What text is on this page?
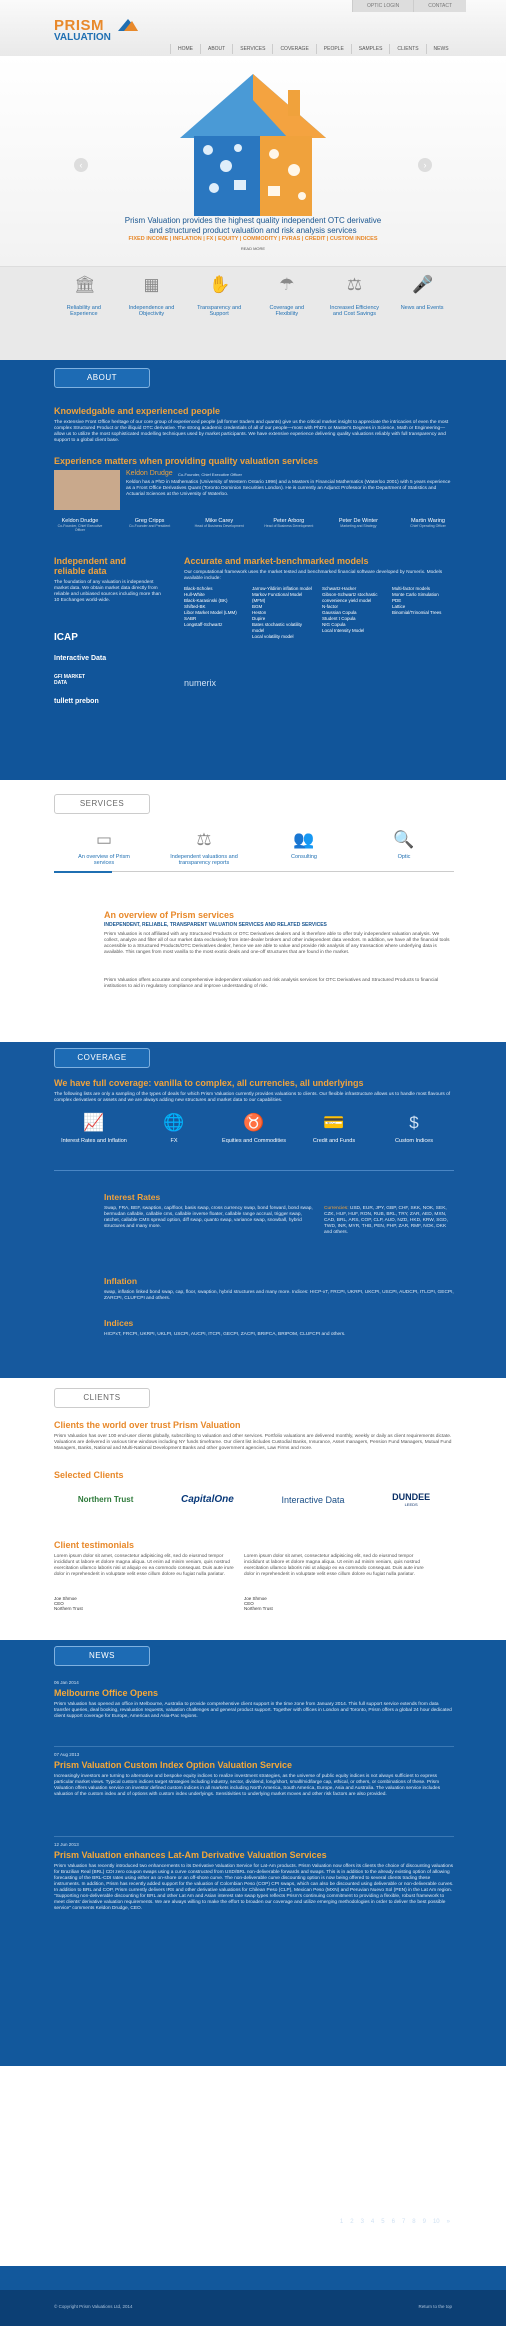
PRISM
VALUATION
OPTIC LOGIN	CONTACT
HOME	ABOUT	SERVICES	COVERAGE	PEOPLE	SAMPLES	CLIENTS	NEWS
‹	›
Prism Valuation provides the highest quality independent OTC derivative
and structured product valuation and risk analysis services
FIXED INCOME | INFLATION | FX | EQUITY | COMMODITY | FVRAS | CREDIT | CUSTOM INDICES
READ MORE
🏛
Reliability and Experience
▦
Independence and Objectivity
✋
Transparency and Support
☂
Coverage and Flexibility
⚖
Increased Efficiency and Cost Savings
🎤
News and Events
ABOUT
Knowledgable and experienced people
The extensive Front Office heritage of our core group of experienced people (all former traders and quants) give us the critical market insight to appreciate the intricacies of even the most complex Structured Product or the illiquid OTC derivative. The strong academic credentials of all of our people—most with PhD's or Master's Degrees in Science, Math or Engineering—allow us to utilize the most sophisticated modelling techniques used by market participants. We have extensive experience delivering quality valuations reliably with full transparency and support to a global client base.
Experience matters when providing quality valuation services
Keldon Drudge Co-Founder, Chief Executive Officer
Keldon has a PhD in Mathematics (University of Western Ontario 1996) and a Masters in Financial Mathematics (Waterloo 2001) with 5 years experience as a Front Office Derivatives Quant (Toronto Dominion Securities London). He is currently an Adjunct Professor in the Department of Statistics and Actuarial Sciences at the University of Waterloo.
Keldon Drudge
Co-Founder, Chief Executive Officer
Greg Cripps
Co-Founder and President
Mike Carey
Head of Business Development
Peter Arborg
Head of Business Development
Peter De Winter
Marketing and Strategy
Martin Waring
Chief Operating Officer
Independent and reliable data
The foundation of any valuation is independent market data. We obtain market data directly from reliable and unbiased sources including more than 10 Exchanges world-wide.
ICAP
Interactive Data
GFI MARKET DATA
tullett prebon
Accurate and market-benchmarked models
Our computational framework uses the market tested and benchmarked financial software developed by Numerix. Models available include:
Black-Scholes
Hull-White
Black-Karasinski (BK)
Shifted-BK
Libor Market Model (LMM)
SABR
Longstaff-Schwartz
Jarrow-Yildirim inflation model
Markov Functional Model (MFM)
BGM
Heston
Dupire
Bates stochastic volatility model
Local volatility model
Schwartz-Hacker
Gibson-Schwartz stochastic convenience yield model
N-factor
Gaussian Copula
Student t Copula
NIG Copula
Local Intensity Model
Multi-factor models
Monte Carlo Simulation
PDE
Lattice
Binomial/Trinomial Trees
numerix
SERVICES
▭
An overview of Prism services
⚖
Independent valuations and transparency reports
👥
Consulting
🔍
Optic
An overview of Prism services
INDEPENDENT, RELIABLE, TRANSPARENT VALUATION SERVICES AND RELATED SERVICES
Prism Valuation is not affiliated with any Structured Products or OTC Derivatives dealers and is therefore able to offer truly independent valuation analysis. We collect, analyze and filter all of our market data exclusively from inter-dealer brokers and other independent data vendors. In addition, we have all the financial tools accessible to a Structured Products/OTC Derivatives dealer, hence we are able to value and provide risk analysis of any transaction where underlying data is available. This ranges from most vanilla to the most exotic deals and one-off structures that are found in the market.
Prism Valuation offers accurate and comprehensive independent valuation and risk analysis services for OTC Derivatives and Structured Products to financial institutions to aid in regulatory compliance and improve understanding of risk.
COVERAGE
We have full coverage: vanilla to complex, all currencies, all underlyings
The following lists are only a sampling of the types of deals for which Prism Valuation currently provides valuations to clients. Our flexible infrastructure allows us to handle most flavours of complex derivatives or assets and we are always adding new structures and market data to our capabilities.
📈
Interest Rates and Inflation
🌐
FX
♉
Equities and Commodities
💳
Credit and Funds
$
Custom Indices
Interest Rates
Swap, FRA, BEF, swaption, cap/floor, basis swap, cross currency swap, bond forward, bond swap, bermudan callable, callable cms, callable inverse floater, callable range accrual, trigger swap, ratchet, callable CMS spread option, diff swap, quanto swap, variance swap, snowball, hybrid structures and many more.
Currencies: USD, EUR, JPY, GBP, CHF, SKK, NOK, SEK, CZK, HUF, HUF, RON, RUB, BRL, TRY, ZAR, AED, MXN, CAD, BRL, ARS, COP, CLP, AUD, NZD, HKD, KRW, SGD, TWD, INR, MYR, THB, PEN, PHP, ZAR, RMF, NOK, DKK and others.
Inflation
swap, inflation linked bond swap, cap, floor, swaption, hybrid structures and many more. Indices: HICP-xT, FRCPI, UKRPI, UKCPI, USCPI, AUDCPI, ITLCPI, GECPI, ZARCPI, CLUFCPI and others.
Indices
HICPxT, FRCPI, UKRPI, UKLPI, USCPI, AUCPI, ITCPI, GECPI, ZACPI, BRIPCA, BRIPOM, CLUFCPI and others.
CLIENTS
Clients the world over trust Prism Valuation
Prism Valuation has over 100 end-user clients globally, subscribing to valuation and other services. Portfolio valuations are delivered monthly, weekly or daily as client requirements dictate. Valuations are delivered in various time windows including NY funds timeframe. Our client list includes Custodial Banks, Insurance, Asset managers, Pension Fund Managers, Mutual Fund Managers, Banks, National and Multi-National Development Banks and other government agencies, Law Firms and more.
Selected Clients
Northern Trust	CapitalOne	Interactive Data	DUNDEE
LEEDS
Client testimonials
Lorem ipsum dolor sit amet, consectetur adipisicing elit, sed do eiusmod tempor incididunt ut labore et dolore magna aliqua. Ut enim ad minim veniam, quis nostrud exercitation ullamco laboris nisi ut aliquip ex ea commodo consequat. Duis aute irure dolor in reprehenderit in voluptate velit esse cillum dolore eu fugiat nulla pariatur.
Lorem ipsum dolor sit amet, consectetur adipisicing elit, sed do eiusmod tempor incididunt ut labore et dolore magna aliqua. Ut enim ad minim veniam, quis nostrud exercitation ullamco laboris nisi ut aliquip ex ea commodo consequat. Duis aute irure dolor in reprehenderit in voluptate velit esse cillum dolore eu fugiat nulla pariatur.
Joe Shmoe
CEO
Northern Trust
Joe Shmoe
CEO
Northern Trust
NEWS
06 Jan 2014
Melbourne Office Opens
Prism Valuation has opened an office in Melbourne, Australia to provide comprehensive client support in the time zone from January 2014. This full support service extends from data transfer queries, deal booking, revaluation requests, valuation challenges and general product support. Together with offices in London and Toronto, Prism offers a global 24 hour dedicated client support coverage for Europe, Americas and Asia-Pac regions.
07 Aug 2013
Prism Valuation Custom Index Option Valuation Service
Increasingly investors are turning to alternative and bespoke equity indices to realize investment strategies, as the universe of public equity indices is not always sufficient to express particular market views. Typical custom indices target strategies including industry, sector, dividend, long/short, small/mid/large cap, ethical, or others, or combinations of these. Prism Valuation offers valuation service on investor defined custom indices in all markets including North America, South America, Europe, Asia and Australia. The valuation service includes valuation of the custom index and of options with custom index underlyings. Sensitivities to underlying market moves and other risk factors are also provided.
12 Jun 2013
Prism Valuation enhances Lat-Am Derivative Valuation Services
Prism Valuation has recently introduced two enhancements to its Derivative Valuation Service for Lat-Am products. Prism Valuation now offers its clients the choice of discounting valuations for Brazilian Real (BRL) CDI zero coupon swaps using a curve constructed from USD/BRL non-deliverable forwards and swaps. This is in addition to the already existing option of allowing forecasting of the BRL-CDI rates using either an on-shore or an off-shore curve. The non-deliverable curve discounting option is now being offered to several clients trading these instruments. In addition, Prism has recently added support for the valuation of Colombian Peso (COP) CPI swaps, which can also be discounted using deliverable or non-deliverable curves. In addition to BRL and COP, Prism currently delivers IRS and other derivative valuations for Chilean Peso (CLP), Mexican Peso (MXN) and Peruvian Nuevo Sol (PEN) in the Lat Am region. "Supporting non-deliverable discounting for BRL and other Lat Am and Asian interest rate swap types reflects Prism's continuing commitment to providing a flexible, robust framework to meet clients' derivative valuation requirements. We are always willing to make the effort to broaden our coverage and utilize emerging methodologies in order to deliver the best possible service" comments Keldon Drudge, CEO.
1 2 3 4 5 6 7 8 9 10 »
© Copyright Prism Valuations Ltd, 2014	Return to the top
